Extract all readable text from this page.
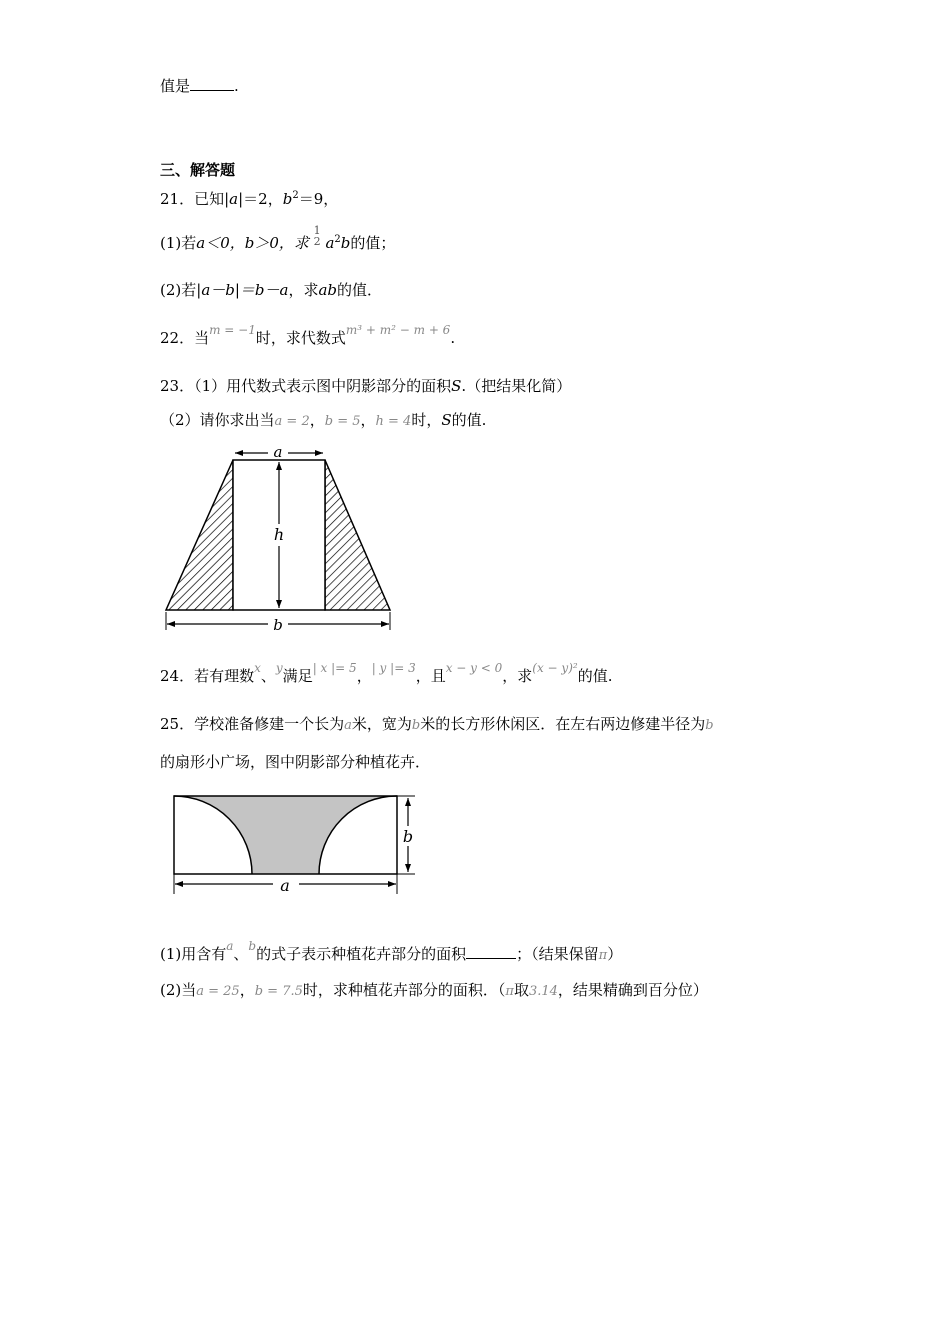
值是	.
三、解答题
21．已知|a|＝2，$b^2=9$，
(1)若a＜0，b＞0，求
1
2 $a^2b$的值；
(2)若|a－b|＝b－a，求ab的值．
22．当$^{m = -1}$时，求代数式$^{m^3 + m^2 - m + 6}$.
23．（1）用代数式表示图中阴影部分的面积S.（把结果化简）
（2）请你求出当a = 2，b = 5，h = 4时，S的值.
a
h
b
24．若有理数$^x$、$^y$满足$^{| x |= 5}$，$^{| y |= 3}$，且$^{x - y < 0}$，求$^{(x - y)^2}$的值.
25．学校准备修建一个长为a米，宽为b米的长方形休闲区．在左右两边修建半径为b
的扇形小广场，图中阴影部分种植花卉．
b
a
(1)用含有$^a$、$^b$的式子表示种植花卉部分的面积	；（结果保留π）
(2)当a = 25，b = 7.5时，求种植花卉部分的面积．（π取3.14，结果精确到百分位）
